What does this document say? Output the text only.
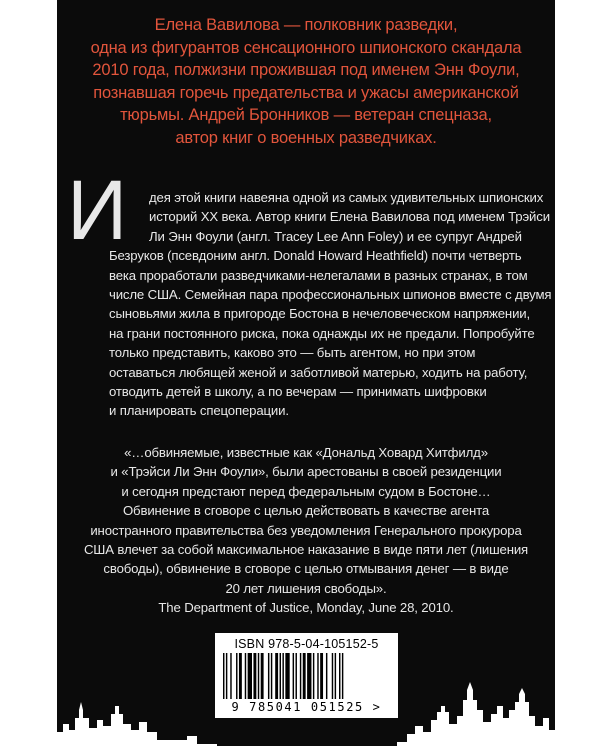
Елена Вавилова — полковник разведки,
одна из фигурантов сенсационного шпионского скандала
2010 года, полжизни прожившая под именем Энн Фоули,
познавшая горечь предательства и ужасы американской
тюрьмы. Андрей Бронников — ветеран спецназа,
автор книг о военных разведчиках.
И	дея этой книги навеяна одной из самых удивительных шпионских
историй XX века. Автор книги Елена Вавилова под именем Трэйси
Ли Энн Фоули (англ. Tracey Lee Ann Foley) и ее супруг Андрей
Безруков (псевдоним англ. Donald Howard Heathfield) почти четверть
века проработали разведчиками-нелегалами в разных странах, в том
числе США. Семейная пара профессиональных шпионов вместе с двумя
сыновьями жила в пригороде Бостона в нечеловеческом напряжении,
на грани постоянного риска, пока однажды их не предали. Попробуйте
только представить, каково это — быть агентом, но при этом
оставаться любящей женой и заботливой матерью, ходить на работу,
отводить детей в школу, а по вечерам — принимать шифровки
и планировать спецоперации.
«…обвиняемые, известные как «Дональд Ховард Хитфилд»
и «Трэйси Ли Энн Фоули», были арестованы в своей резиденции
и сегодня предстают перед федеральным судом в Бостоне…
Обвинение в сговоре с целью действовать в качестве агента
иностранного правительства без уведомления Генерального прокурора
США влечет за собой максимальное наказание в виде пяти лет (лишения
свободы), обвинение в сговоре с целью отмывания денег — в виде
20 лет лишения свободы».
The Department of Justice, Monday, June 28, 2010.
ISBN 978-5-04-105152-5
9 785041 051525 >
